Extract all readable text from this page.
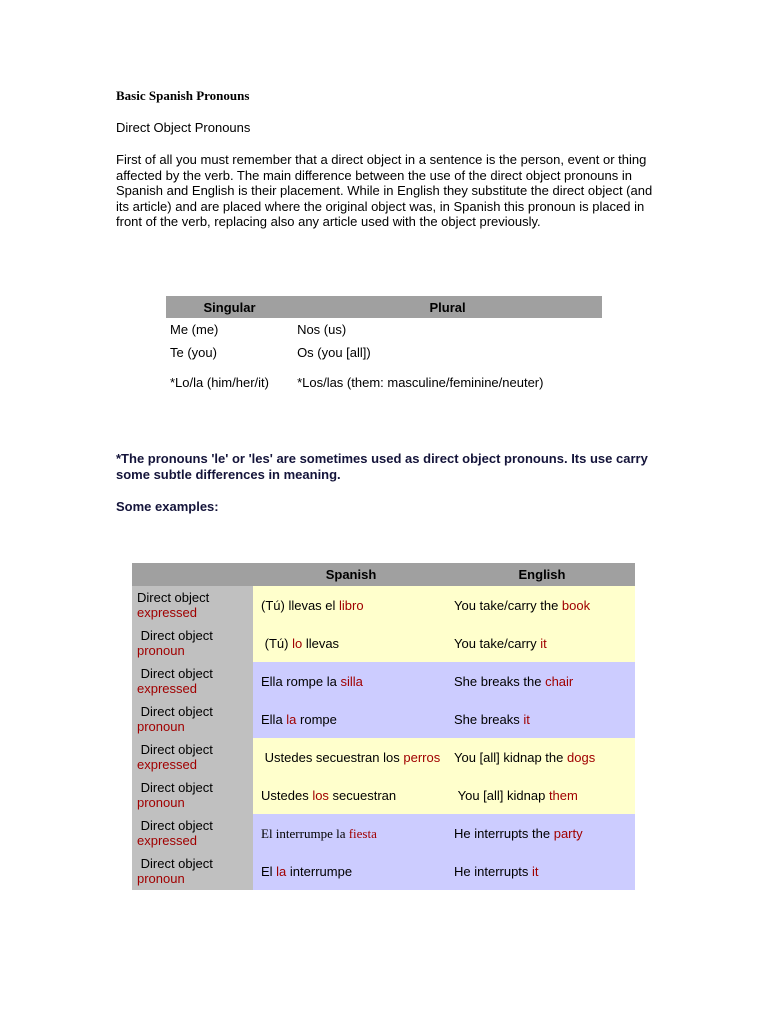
Basic Spanish Pronouns
Direct Object Pronouns
First of all you must remember that a direct object in a sentence is the person, event or thing affected by the verb. The main difference between the use of the direct object pronouns in Spanish and English is their placement. While in English they substitute the direct object (and its article) and are placed where the original object was, in Spanish this pronoun is placed in front of the verb, replacing also any article used with the object previously.
Singular	Plural
Me (me)	Nos (us)
Te (you)	Os (you [all])
*Lo/la (him/her/it)	*Los/las (them: masculine/feminine/neuter)
*The pronouns 'le' or 'les' are sometimes used as direct object pronouns. Its use carry some subtle differences in meaning.
Some examples:
	Spanish	English
Direct object
expressed	(Tú) llevas el libro	You take/carry the book
Direct object
pronoun	(Tú) lo llevas	You take/carry it
Direct object
expressed	Ella rompe la silla	She breaks the chair
Direct object
pronoun	Ella la rompe	She breaks it
Direct object
expressed	Ustedes secuestran los perros	You [all] kidnap the dogs
Direct object
pronoun	Ustedes los secuestran	You [all] kidnap them
Direct object
expressed	El interrumpe la fiesta	He interrupts the party
Direct object
pronoun	El la interrumpe	He interrupts it
